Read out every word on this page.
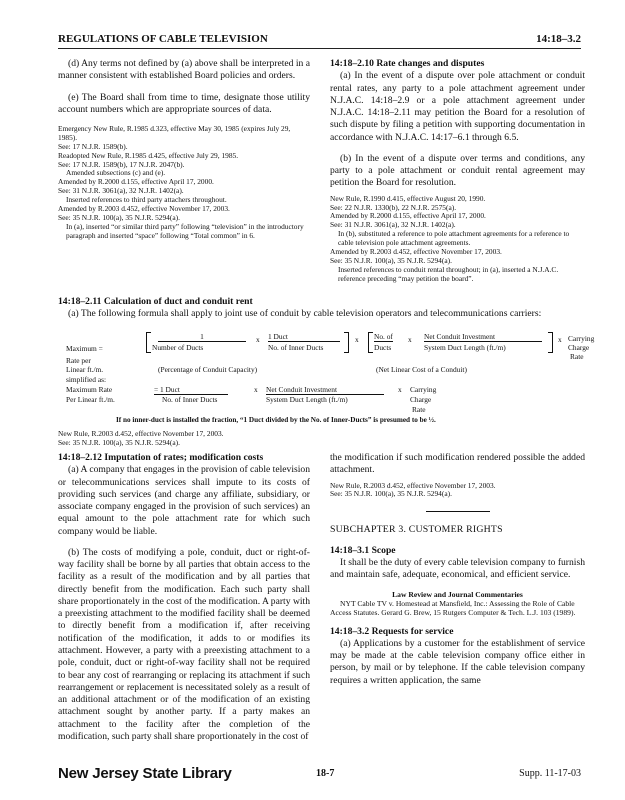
REGULATIONS OF CABLE TELEVISION	14:18–3.2

(d) Any terms not defined by (a) above shall be interpreted in a manner consistent with established Board policies and orders.

(e) The Board shall from time to time, designate those utility account numbers which are appropriate sources of data.

Emergency New Rule, R.1985 d.323, effective May 30, 1985 (expires July 29, 1985).
See: 17 N.J.R. 1589(b).
Readopted New Rule, R.1985 d.425, effective July 29, 1985.
See: 17 N.J.R. 1589(b), 17 N.J.R. 2047(b).
Amended subsections (c) and (e).
Amended by R.2000 d.155, effective April 17, 2000.
See: 31 N.J.R. 3061(a), 32 N.J.R. 1402(a).
Inserted references to third party attachers throughout.
Amended by R.2003 d.452, effective November 17, 2003.
See: 35 N.J.R. 100(a), 35 N.J.R. 5294(a).
In (a), inserted “or similar third party” following “television” in the introductory paragraph and inserted “space” following “Total common” in 6.

14:18–2.10 Rate changes and disputes

(a) In the event of a dispute over pole attachment or conduit rental rates, any party to a pole attachment agreement under N.J.A.C. 14:18–2.9 or a pole attachment agreement under N.J.A.C. 14:18–2.11 may petition the Board for a resolution of such dispute by filing a petition with supporting documentation in accordance with N.J.A.C. 14:17–6.1 through 6.5.

(b) In the event of a dispute over terms and conditions, any party to a pole attachment or conduit rental agreement may petition the Board for resolution.

New Rule, R.1990 d.415, effective August 20, 1990.
See: 22 N.J.R. 1330(b), 22 N.J.R. 2575(a).
Amended by R.2000 d.155, effective April 17, 2000.
See: 31 N.J.R. 3061(a), 32 N.J.R. 1402(a).
In (b), substituted a reference to pole attachment agreements for a reference to cable television pole attachment agreements.
Amended by R.2003 d.452, effective November 17, 2003.
See: 35 N.J.R. 100(a), 35 N.J.R. 5294(a).
Inserted references to conduit rental throughout; in (a), inserted a N.J.A.C. reference preceding “may petition the board”.

14:18–2.11 Calculation of duct and conduit rent

(a) The following formula shall apply to joint use of conduit by cable television operators and telecommunications carriers:

Maximum =
Rate per
Linear ft./m.
1
Number of Ducts
x 1 Duct
No. of Inner Ducts
x No. of
Ducts
x Net Conduit Investment
System Duct Length (ft./m)
x Carrying
Charge
Rate
(Percentage of Conduit Capacity)	(Net Linear Cost of a Conduit)
simplified as:
Maximum Rate
Per Linear ft./m.
= 1 Duct
No. of Inner Ducts
x Net Conduit Investment
System Duct Length (ft./m)
x Carrying
Charge
Rate
If no inner-duct is installed the fraction, “1 Duct divided by the No. of Inner-Ducts” is presumed to be ½.
New Rule, R.2003 d.452, effective November 17, 2003.
See: 35 N.J.R. 100(a), 35 N.J.R. 5294(a).

14:18–2.12 Imputation of rates; modification costs

(a) A company that engages in the provision of cable television or telecommunications services shall impute to its costs of providing such services (and charge any affiliate, subsidiary, or associate company engaged in the provision of such services) an equal amount to the pole attachment rate for which such company would be liable.

(b) The costs of modifying a pole, conduit, duct or right-of-way facility shall be borne by all parties that obtain access to the facility as a result of the modification and by all parties that directly benefit from the modification. Each such party shall share proportionately in the cost of the modification. A party with a preexisting attachment to the modified facility shall be deemed to directly benefit from a modification if, after receiving notification of the modification, it adds to or modifies its attachment. However, a party with a preexisting attachment to a pole, conduit, duct or right-of-way facility shall not be required to bear any cost of rearranging or replacing its attachment if such rearrangement or replacement is necessitated solely as a result of an additional attachment or of the modification of an existing attachment sought by another party. If a party makes an attachment to the facility after the completion of the modification, such party shall share proportionately in the cost of

the modification if such modification rendered possible the added attachment.

New Rule, R.2003 d.452, effective November 17, 2003.
See: 35 N.J.R. 100(a), 35 N.J.R. 5294(a).

SUBCHAPTER 3. CUSTOMER RIGHTS

14:18–3.1 Scope

It shall be the duty of every cable television company to furnish and maintain safe, adequate, economical, and efficient service.

Law Review and Journal Commentaries
NYT Cable TV v. Homestead at Mansfield, Inc.: Assessing the Role of Cable Access Statutes. Gerard G. Brew, 15 Rutgers Computer & Tech. L.J. 103 (1989).

14:18–3.2 Requests for service

(a) Applications by a customer for the establishment of service may be made at the cable television company office either in person, by mail or by telephone. If the cable television company requires a written application, the same

New Jersey State Library	18-7	Supp. 11-17-03
